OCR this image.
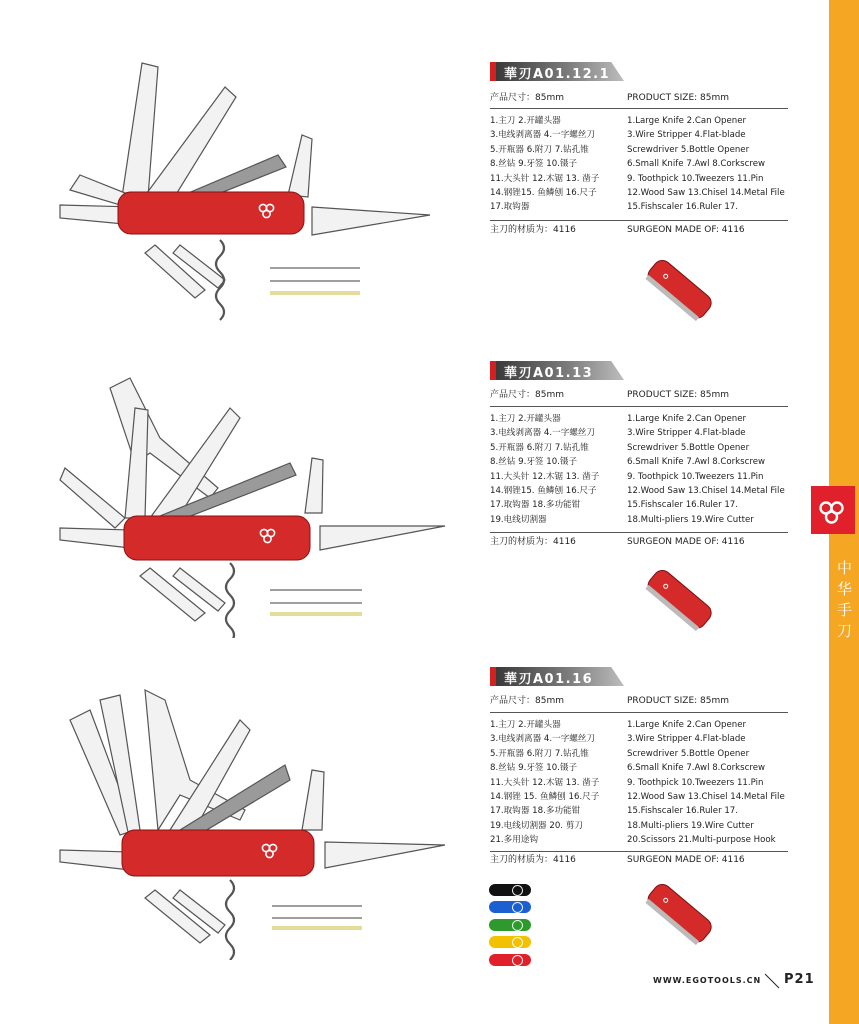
中华手刀
華刃A01.12.1
产品尺寸：85mm	PRODUCT SIZE: 85mm
1.主刀 2.开罐头器
3.电线剥离器 4.一字螺丝刀
5.开瓶器 6.附刀 7.钻孔锥
8.丝钻 9.牙签 10.镊子
11.大头针 12.木锯 13. 凿子
14.钢锉15. 鱼鳞刨 16.尺子
17.取钩器
1.Large Knife 2.Can Opener
3.Wire Stripper 4.Flat-blade
Screwdriver 5.Bottle Opener
6.Small Knife 7.Awl 8.Corkscrew
9. Toothpick 10.Tweezers 11.Pin
12.Wood Saw 13.Chisel 14.Metal File
15.Fishscaler 16.Ruler 17.
主刀的材质为：4116	SURGEON MADE OF: 4116
華刃A01.13
产品尺寸：85mm	PRODUCT SIZE: 85mm
1.主刀 2.开罐头器
3.电线剥离器 4.一字螺丝刀
5.开瓶器 6.附刀 7.钻孔锥
8.丝钻 9.牙签 10.镊子
11.大头针 12.木锯 13. 凿子
14.钢锉15. 鱼鳞刨 16.尺子
17.取钩器 18.多功能钳
19.电线切割器
1.Large Knife 2.Can Opener
3.Wire Stripper 4.Flat-blade
Screwdriver 5.Bottle Opener
6.Small Knife 7.Awl 8.Corkscrew
9. Toothpick 10.Tweezers 11.Pin
12.Wood Saw 13.Chisel 14.Metal File
15.Fishscaler 16.Ruler 17.
18.Multi-pliers 19.Wire Cutter
主刀的材质为：4116	SURGEON MADE OF: 4116
華刃A01.16
产品尺寸：85mm	PRODUCT SIZE: 85mm
1.主刀 2.开罐头器
3.电线剥离器 4.一字螺丝刀
5.开瓶器 6.附刀 7.钻孔锥
8.丝钻 9.牙签 10.镊子
11.大头针 12.木锯 13. 凿子
14.钢锉 15. 鱼鳞刨 16.尺子
17.取钩器 18.多功能钳
19.电线切割器 20. 剪刀
21.多用途钩
1.Large Knife 2.Can Opener
3.Wire Stripper 4.Flat-blade
Screwdriver 5.Bottle Opener
6.Small Knife 7.Awl 8.Corkscrew
9. Toothpick 10.Tweezers 11.Pin
12.Wood Saw 13.Chisel 14.Metal File
15.Fishscaler 16.Ruler 17.
18.Multi-pliers 19.Wire Cutter
20.Scissors 21.Multi-purpose Hook
主刀的材质为：4116	SURGEON MADE OF: 4116
WWW.EGOTOOLS.CN P21
